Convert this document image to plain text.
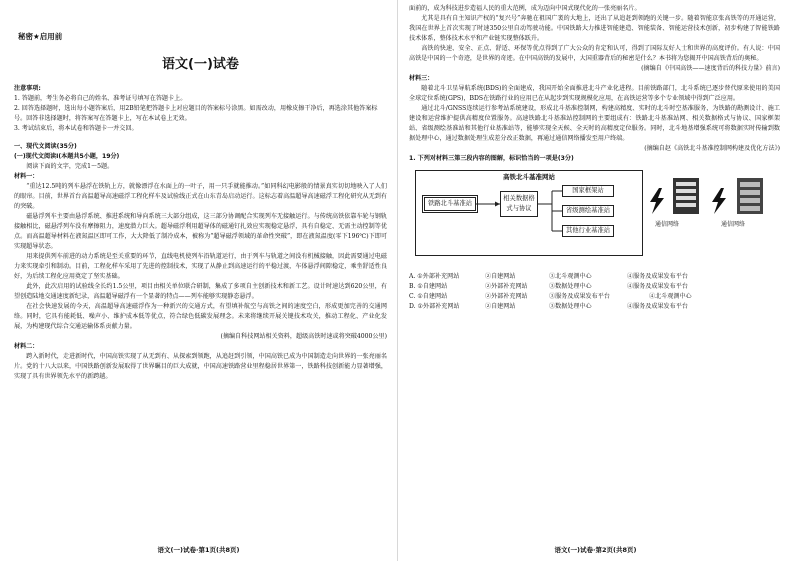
秘密★启用前
语文(一)试卷
注意事项:

1. 答题前，考生务必将自己的姓名、准考证号填写在答题卡上。

2. 回答选择题时，选出每小题答案后，用2B铅笔把答题卡上对应题目的答案标号涂黑。如需改动，用橡皮擦干净后，再选涂其他答案标号。回答非选择题时，将答案写在答题卡上，写在本试卷上无效。

3. 考试结束后，将本试卷和答题卡一并交回。

一、现代文阅读(35分)
(一)现代文阅读Ⅰ(本题共5小题，19分)

阅读下面的文字，完成1～5题。

材料一：

“重达12.5吨的列车悬浮在铁轨上方，就像漂浮在水面上的一叶子，用一只手就能推动。”如同科幻电影般的情景真实切切地映入了人们的眼帘。目前，世界首台高温超导高速磁浮工程化样车及试验线正式在山东青岛启动运行。这标志着高温超导高速磁浮工程化研究从无到有的突破。

磁悬浮列车主要由悬浮系统、推进系统和导向系统三大部分组成，这三部分协调配合实现列车无接触运行。与传统高铁依靠车轮与钢轨接触相比，磁悬浮列车没有摩擦阻力，速度潜力巨大。超导磁浮利用超导体的磁通钉扎效应实现稳定悬浮，具有自稳定、无需主动控制等优点。而高温超导材料在液氮温区即可工作，大大降低了制冷成本，被称为“超导磁浮领域的革命性突破”，即在液氮温度(零下196℃)下即可实现超导状态。

用来提供列车前进的动力系统是至关重要的环节，直线电机使列车沿轨道运行，由于列车与轨道之间没有机械接触，因此需要通过电磁力来实现牵引和制动。目前，工程化样车采用了先进的控制技术，实现了从静止到高速运行的平稳过渡，车体悬浮间隙稳定，乘坐舒适性良好，为后续工程化应用奠定了坚实基础。

此外，此次启用的试验线全长约1.5公里，项目由相关单位联合研制，集成了多项自主创新技术和新工艺。设计时速达到620公里，有望创造陆地交通速度新纪录，高温超导磁浮有一个显著的特点——列车能够实现静态悬浮。

在社会快速发展的今天，高温超导高速磁浮作为一种新兴的交通方式，有望填补航空与高铁之间的速度空白，形成更加完善的交通网络。同时，它具有能耗低、噪声小、维护成本低等优点，符合绿色低碳发展理念。未来将继续开展关键技术攻关，推动工程化、产业化发展，为构建现代综合交通运输体系贡献力量。

(摘编自科技网站相关资料，超级高铁时速或将突破4000公里)

材料二：

跨入新时代，走进新时代，中国高铁实现了从无到有、从探索到领跑，从追赶到引领，中国高铁已成为中国制造走向世界的一张亮丽名片。党的十八大以来，中国铁路创新发展取得了世界瞩目的巨大成就，中国高速铁路营业里程稳居世界第一，铁路科技创新能力显著增强，实现了具有世界领先水平的新跨越。

语文(一)试卷·第1页(共8页)

面前的，成为科技进步造福人民的重大范例，成为迈向中国式现代化的一张亮丽名片。

尤其是具有自主知识产权的“复兴号”奔驰在祖国广袤的大地上，还出了从追赶到领跑的关键一步。随着智能京张高铁等的开通运营，我国在世界上首次实现了时速350公里自动驾驶功能。中国铁路大力推进智能建造、智能装备、智能运营技术创新，初步构建了智能铁路技术体系，整体技术水平和产业链实现整体跃升。

高铁的快速、安全、正点、舒适、环保等优点得到了广大公众的肯定和认可，得到了国际友好人士和世界的高度评价。有人说：中国高铁是中国的一个奇迹，是世界的奇迹。在中国高铁的发展中，大国重器背后的秘密是什么？本书将为您揭开中国高铁背后的奥秘。

(摘编自《中国高铁——速度背后的科技力量》前言)

材料三：

随着北斗卫星导航系统(BDS)的全面建成，我国开始全面推进北斗产业化进程。目前铁路部门，北斗系统已逐步替代原来使用的美国全球定位系统(GPS)，BDS在铁路行业的应用已在从起步到实现规模化应用，在高铁运营等多个专业领域中得到广泛应用。

通过北斗/GNSS连续运行参考站系统建设，形成北斗基准控制网，构建高精度、实时的北斗时空基准服务，为铁路的勘测设计、施工建设和运营维护提供高精度位置服务。高速铁路北斗基准站控制网的主要组成有：铁路北斗基准站网、相关数据格式与协议、国家框架站、省级测绘基准站和其他行业基准站等，能够实现全天候、全天时的高精度定位服务。同时，北斗地基增强系统可将数据实时传输到数据处理中心，通过数据处理生成差分改正数据，再通过通信网络播发至用户终端。

(摘编自赵《高铁北斗基准控制网构建及优化方法》)

1. 下列对材料三第三段内容的图解，标识恰当的一项是(3分)
高铁北斗基准网站
铁路北斗基准站
相关数据格式与协议
国家框架站
省级测绘基准站
其他行业基准站
通信网络	通信网络
A. ①外部补充网站	②自建网站	③北斗观测中心	④服务及成果发布平台
B. ①自建网站	②外部补充网站	③数据处理中心	④服务及成果发布平台
C. ①自建网站	②外部补充网站	③服务及成果发布平台	④北斗观测中心
D. ①外部补充网站	②自建网站	③数据处理中心	④服务及成果发布平台
语文(一)试卷·第2页(共8页)
